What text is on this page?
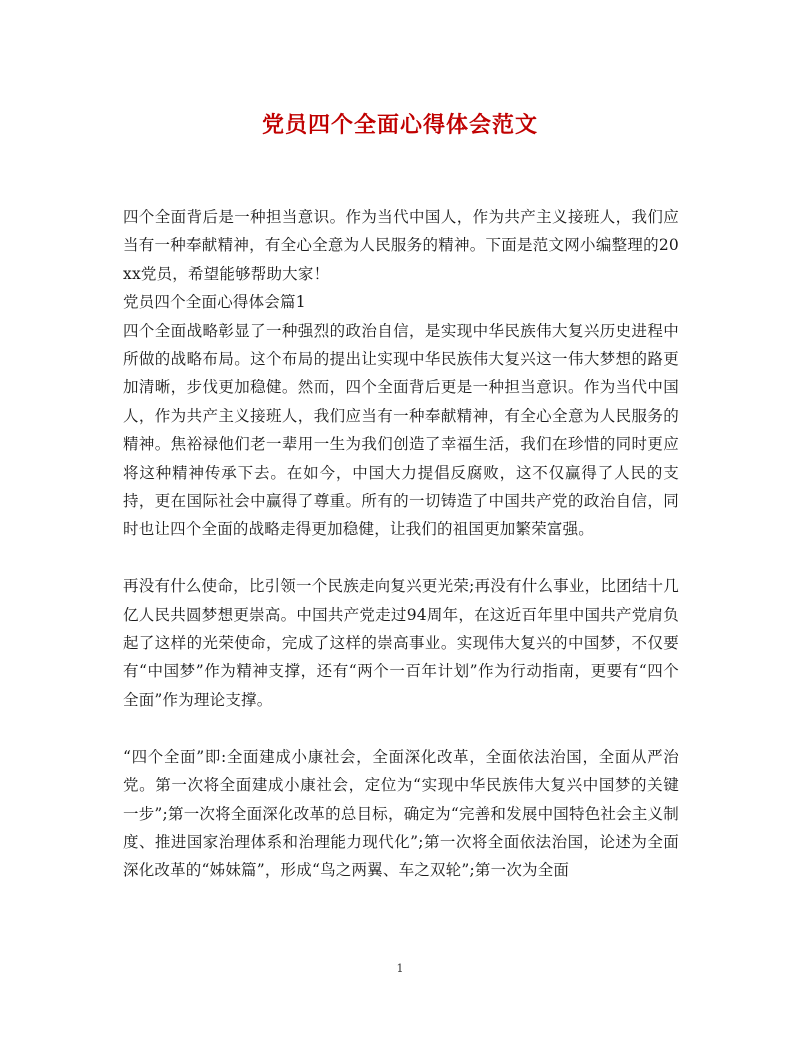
党员四个全面心得体会范文

四个全面背后是一种担当意识。作为当代中国人，作为共产主义接班人，我们应当有一种奉献精神，有全心全意为人民服务的精神。下面是范文网小编整理的20xx党员，希望能够帮助大家！

党员四个全面心得体会篇1

四个全面战略彰显了一种强烈的政治自信，是实现中华民族伟大复兴历史进程中所做的战略布局。这个布局的提出让实现中华民族伟大复兴这一伟大梦想的路更加清晰，步伐更加稳健。然而，四个全面背后更是一种担当意识。作为当代中国人，作为共产主义接班人，我们应当有一种奉献精神，有全心全意为人民服务的精神。焦裕禄他们老一辈用一生为我们创造了幸福生活，我们在珍惜的同时更应将这种精神传承下去。在如今，中国大力提倡反腐败，这不仅赢得了人民的支持，更在国际社会中赢得了尊重。所有的一切铸造了中国共产党的政治自信，同时也让四个全面的战略走得更加稳健，让我们的祖国更加繁荣富强。

再没有什么使命，比引领一个民族走向复兴更光荣;再没有什么事业，比团结十几亿人民共圆梦想更崇高。中国共产党走过94周年，在这近百年里中国共产党肩负起了这样的光荣使命，完成了这样的崇高事业。实现伟大复兴的中国梦，不仅要有“中国梦”作为精神支撑，还有“两个一百年计划”作为行动指南，更要有“四个全面”作为理论支撑。

“四个全面”即:全面建成小康社会，全面深化改革，全面依法治国，全面从严治党。第一次将全面建成小康社会，定位为“实现中华民族伟大复兴中国梦的关键一步”;第一次将全面深化改革的总目标，确定为“完善和发展中国特色社会主义制度、推进国家治理体系和治理能力现代化”;第一次将全面依法治国，论述为全面深化改革的“姊妹篇”，形成“鸟之两翼、车之双轮”;第一次为全面

1
